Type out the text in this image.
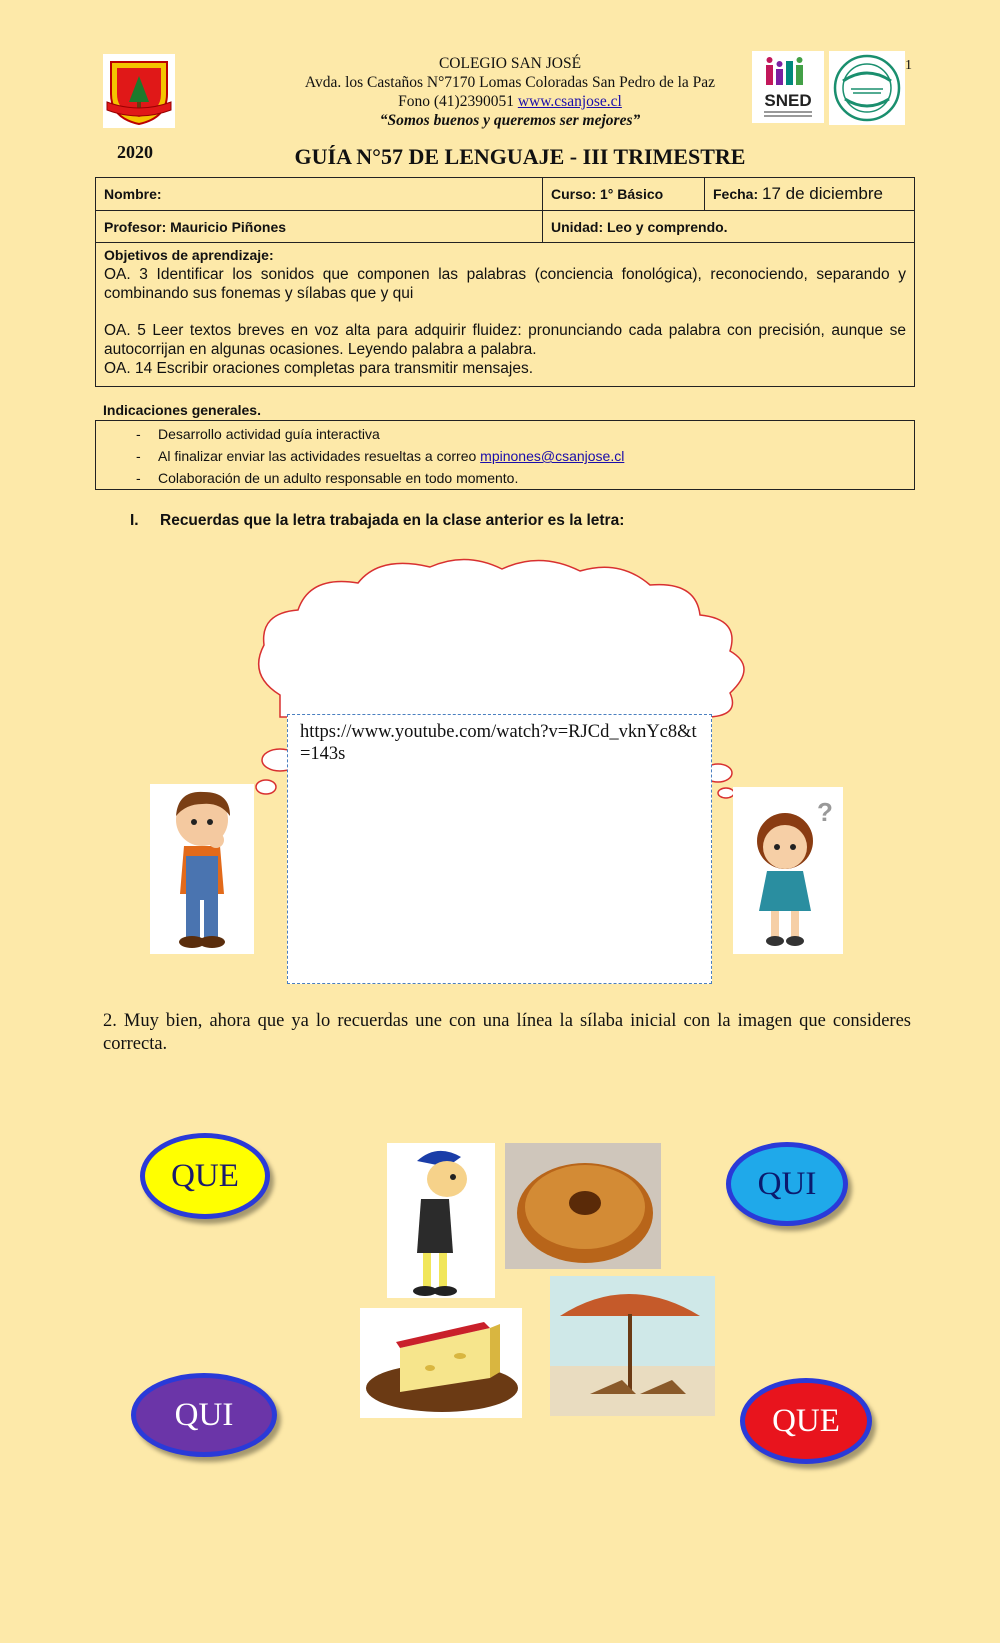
COLEGIO SAN JOSÉ
Avda. los Castaños N°7170 Lomas Coloradas San Pedro de la Paz
Fono (41)2390051 www.csanjose.cl
“Somos buenos y queremos ser mejores”
SNED
1
2020	GUÍA N°57 DE LENGUAJE - III TRIMESTRE
Nombre:	Curso: 1° Básico	Fecha: 17 de diciembre
Profesor: Mauricio Piñones	Unidad: Leo y comprendo.	

Objetivos de aprendizaje:
OA. 3 Identificar los sonidos que componen las palabras (conciencia fonológica), reconociendo, separando y combinando sus fonemas y sílabas que y qui
OA. 5 Leer textos breves en voz alta para adquirir fluidez: pronunciando cada palabra con precisión, aunque se autocorrijan en algunas ocasiones. Leyendo palabra a palabra.
OA. 14 Escribir oraciones completas para transmitir mensajes.		
Indicaciones generales.
- Desarrollo actividad guía interactiva
- Al finalizar enviar las actividades resueltas a correo mpinones@csanjose.cl
- Colaboración de un adulto responsable en todo momento.
I. Recuerdas que la letra trabajada en la clase anterior es la letra:
https://www.youtube.com/watch?v=RJCd_vknYc8&t=143s
?
2. Muy bien, ahora que ya lo recuerdas une con una línea la sílaba inicial con la imagen que consideres correcta.
QUE	QUI
QUI	QUE
